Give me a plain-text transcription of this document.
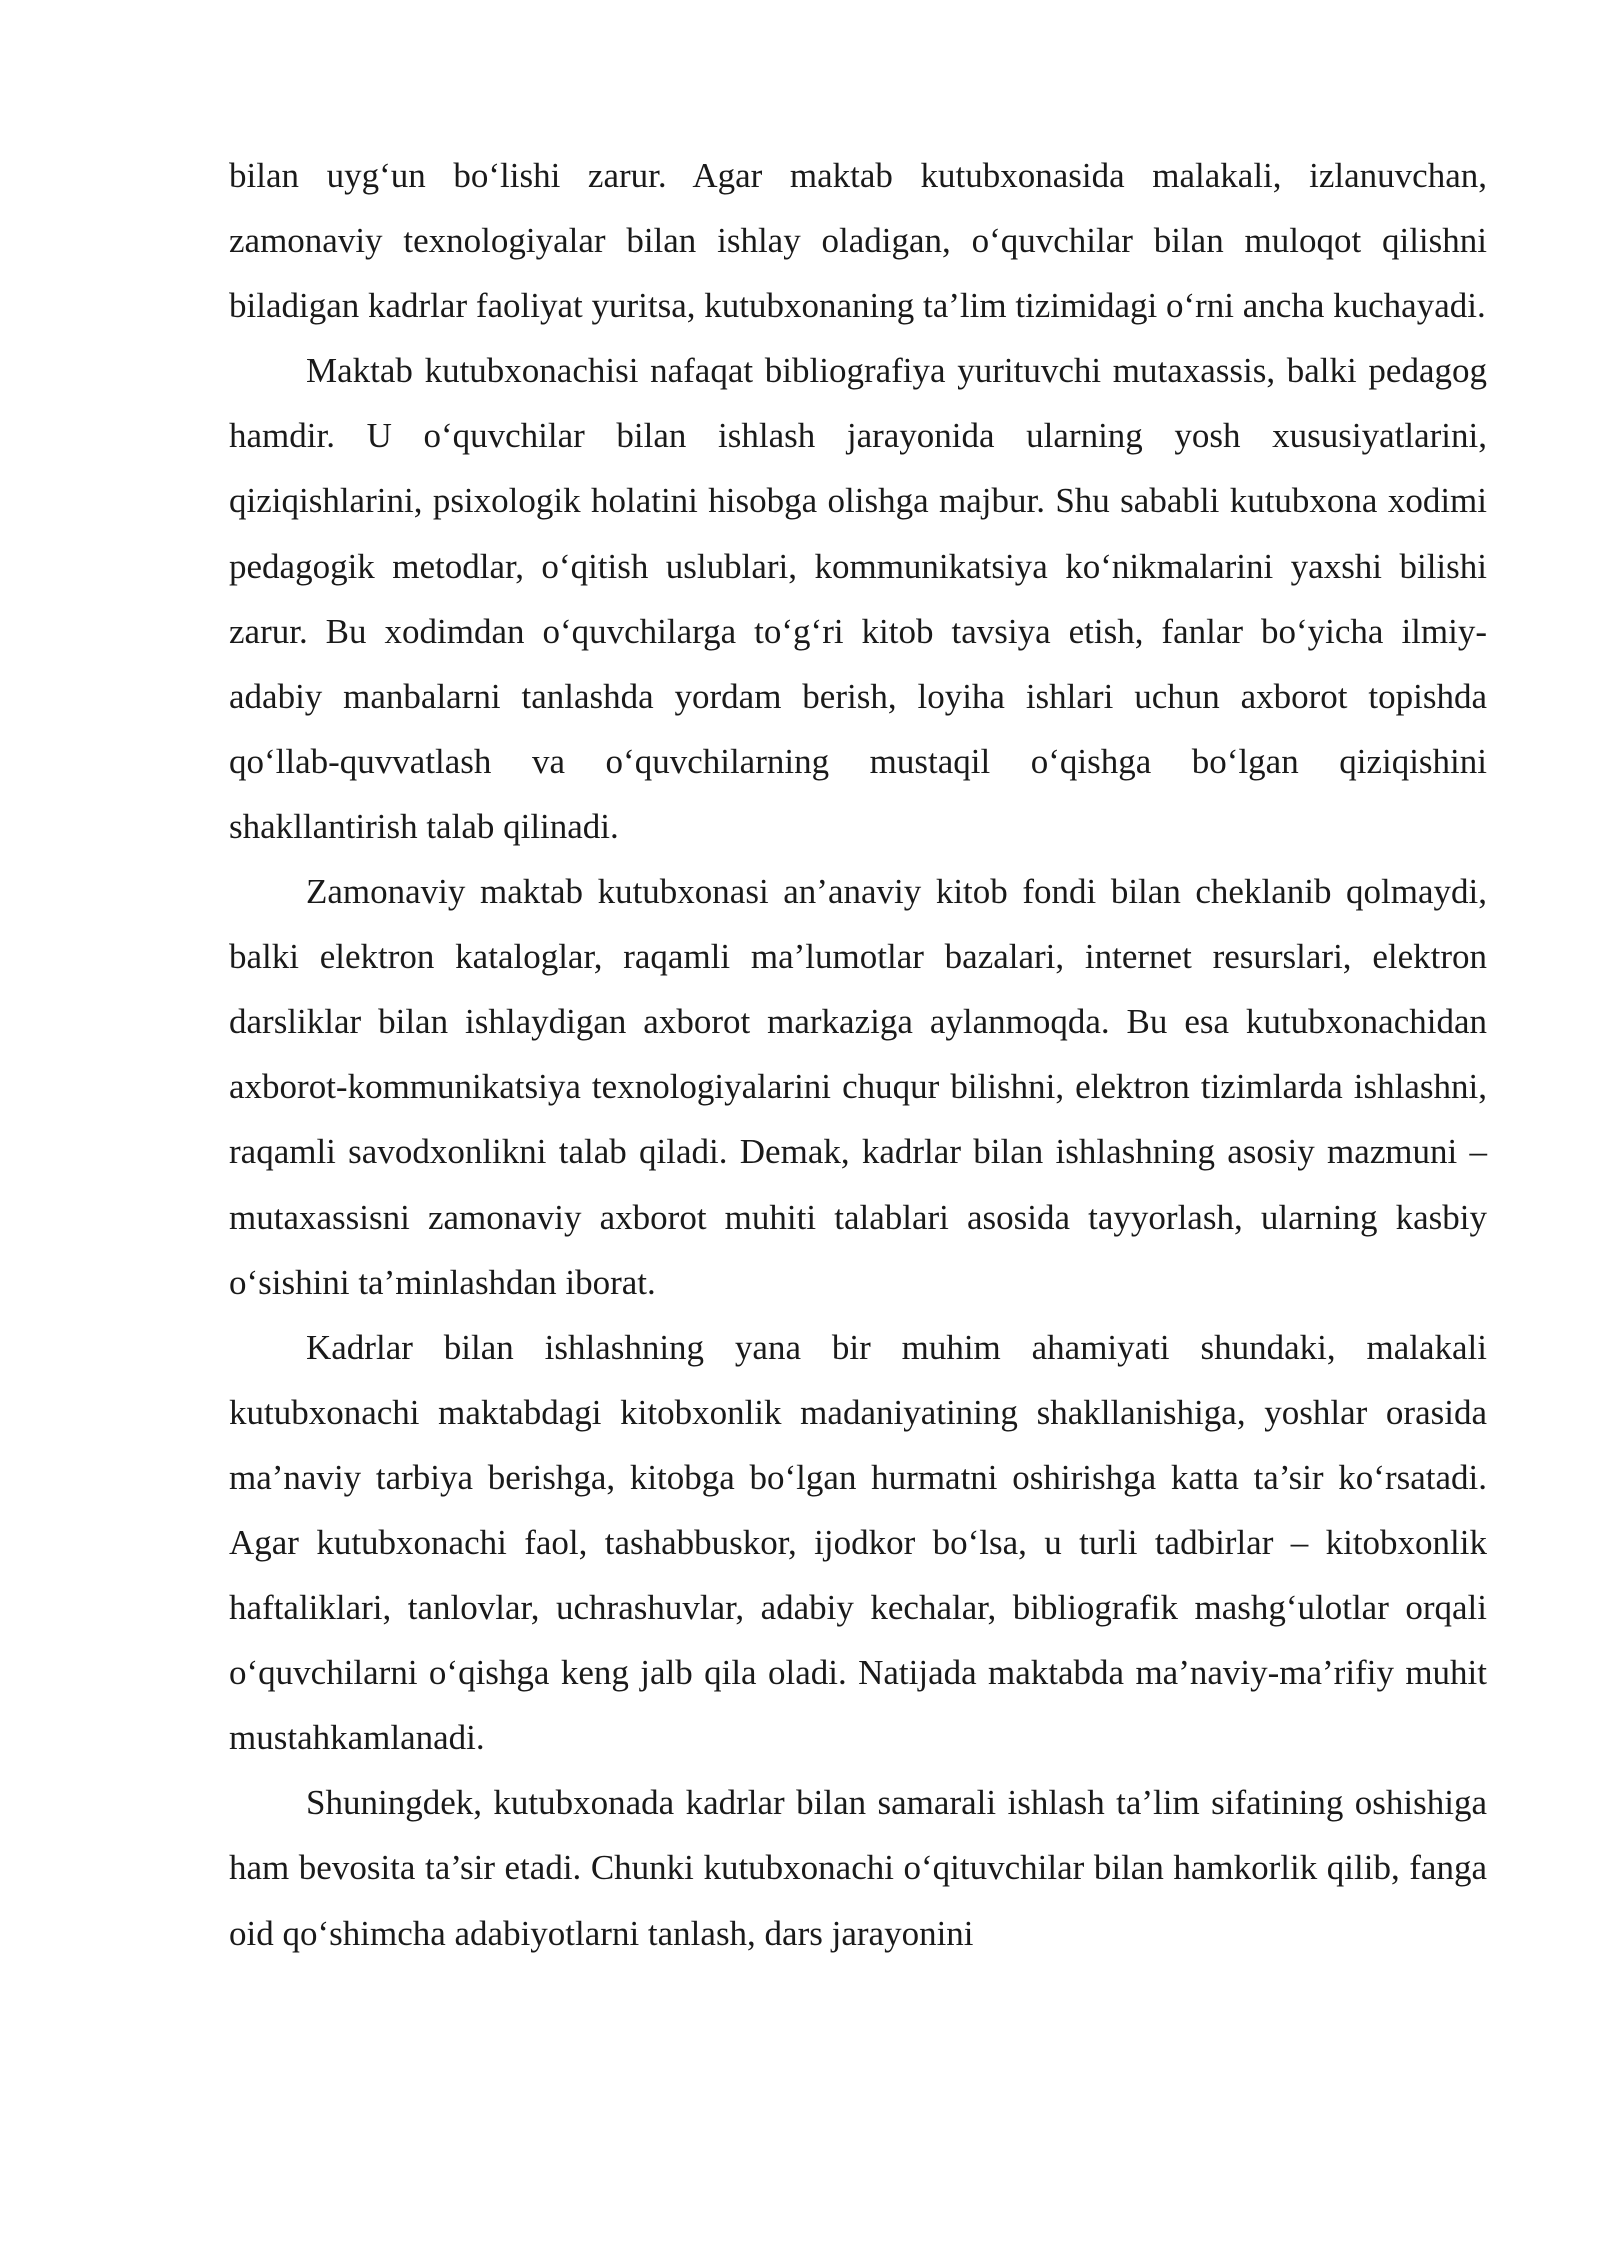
bilan uyg‘un bo‘lishi zarur. Agar maktab kutubxonasida malakali, izlanuvchan, zamonaviy texnologiyalar bilan ishlay oladigan, o‘quvchilar bilan muloqot qilishni biladigan kadrlar faoliyat yuritsa, kutubxonaning ta’lim tizimidagi o‘rni ancha kuchayadi.

Maktab kutubxonachisi nafaqat bibliografiya yurituvchi mutaxassis, balki pedagog hamdir. U o‘quvchilar bilan ishlash jarayonida ularning yosh xususiyatlarini, qiziqishlarini, psixologik holatini hisobga olishga majbur. Shu sababli kutubxona xodimi pedagogik metodlar, o‘qitish uslublari, kommunikatsiya ko‘nikmalarini yaxshi bilishi zarur. Bu xodimdan o‘quvchilarga to‘g‘ri kitob tavsiya etish, fanlar bo‘yicha ilmiy-adabiy manbalarni tanlashda yordam berish, loyiha ishlari uchun axborot topishda qo‘llab-quvvatlash va o‘quvchilarning mustaqil o‘qishga bo‘lgan qiziqishini shakllantirish talab qilinadi.

Zamonaviy maktab kutubxonasi an’anaviy kitob fondi bilan cheklanib qolmaydi, balki elektron kataloglar, raqamli ma’lumotlar bazalari, internet resurslari, elektron darsliklar bilan ishlaydigan axborot markaziga aylanmoqda. Bu esa kutubxonachidan axborot-kommunikatsiya texnologiyalarini chuqur bilishni, elektron tizimlarda ishlashni, raqamli savodxonlikni talab qiladi. Demak, kadrlar bilan ishlashning asosiy mazmuni – mutaxassisni zamonaviy axborot muhiti talablari asosida tayyorlash, ularning kasbiy o‘sishini ta’minlashdan iborat.

Kadrlar bilan ishlashning yana bir muhim ahamiyati shundaki, malakali kutubxonachi maktabdagi kitobxonlik madaniyatining shakllanishiga, yoshlar orasida ma’naviy tarbiya berishga, kitobga bo‘lgan hurmatni oshirishga katta ta’sir ko‘rsatadi. Agar kutubxonachi faol, tashabbuskor, ijodkor bo‘lsa, u turli tadbirlar – kitobxonlik haftaliklari, tanlovlar, uchrashuvlar, adabiy kechalar, bibliografik mashg‘ulotlar orqali o‘quvchilarni o‘qishga keng jalb qila oladi. Natijada maktabda ma’naviy-ma’rifiy muhit mustahkamlanadi.

Shuningdek, kutubxonada kadrlar bilan samarali ishlash ta’lim sifatining oshishiga ham bevosita ta’sir etadi. Chunki kutubxonachi o‘qituvchilar bilan hamkorlik qilib, fanga oid qo‘shimcha adabiyotlarni tanlash, dars jarayonini
